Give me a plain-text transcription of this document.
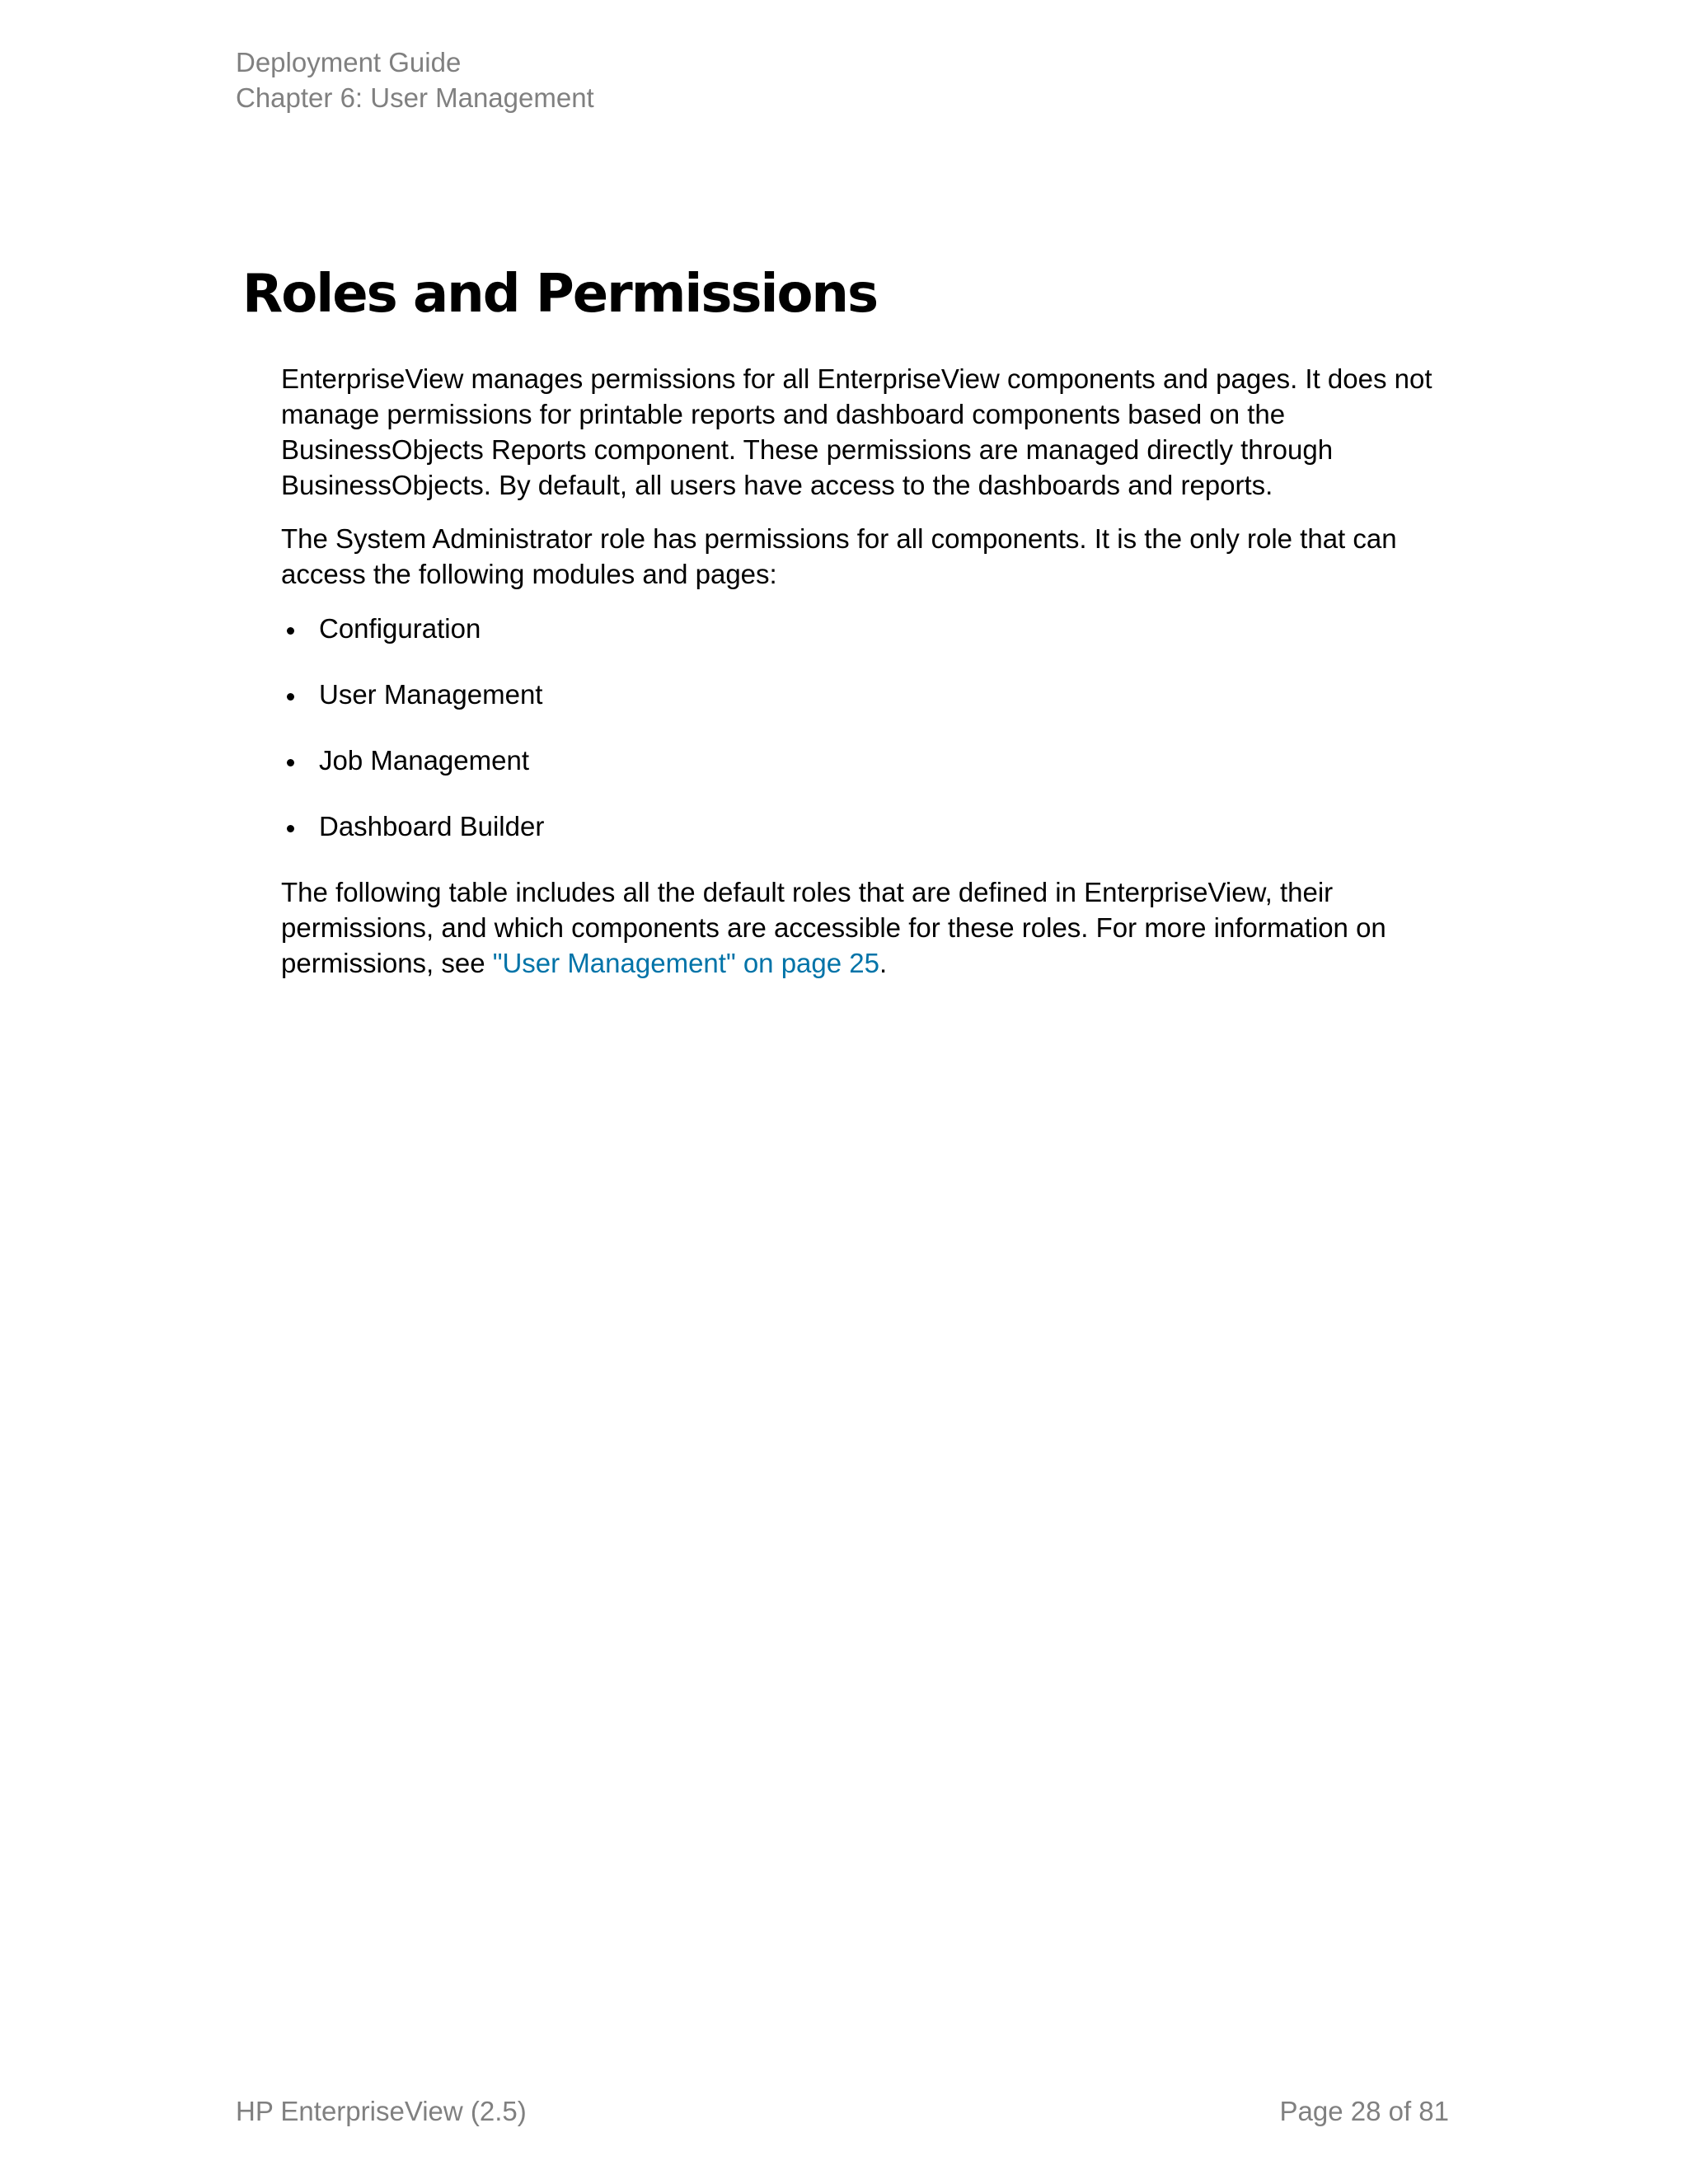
Deployment Guide
Chapter 6: User Management
Roles and Permissions

EnterpriseView manages permissions for all EnterpriseView components and pages. It does not manage permissions for printable reports and dashboard components based on the BusinessObjects Reports component. These permissions are managed directly through BusinessObjects. By default, all users have access to the dashboards and reports.

The System Administrator role has permissions for all components. It is the only role that can access the following modules and pages:

Configuration
User Management
Job Management
Dashboard Builder

The following table includes all the default roles that are defined in EnterpriseView, their permissions, and which components are accessible for these roles. For more information on permissions, see "User Management" on page 25.

HP EnterpriseView (2.5)	Page 28 of 81
